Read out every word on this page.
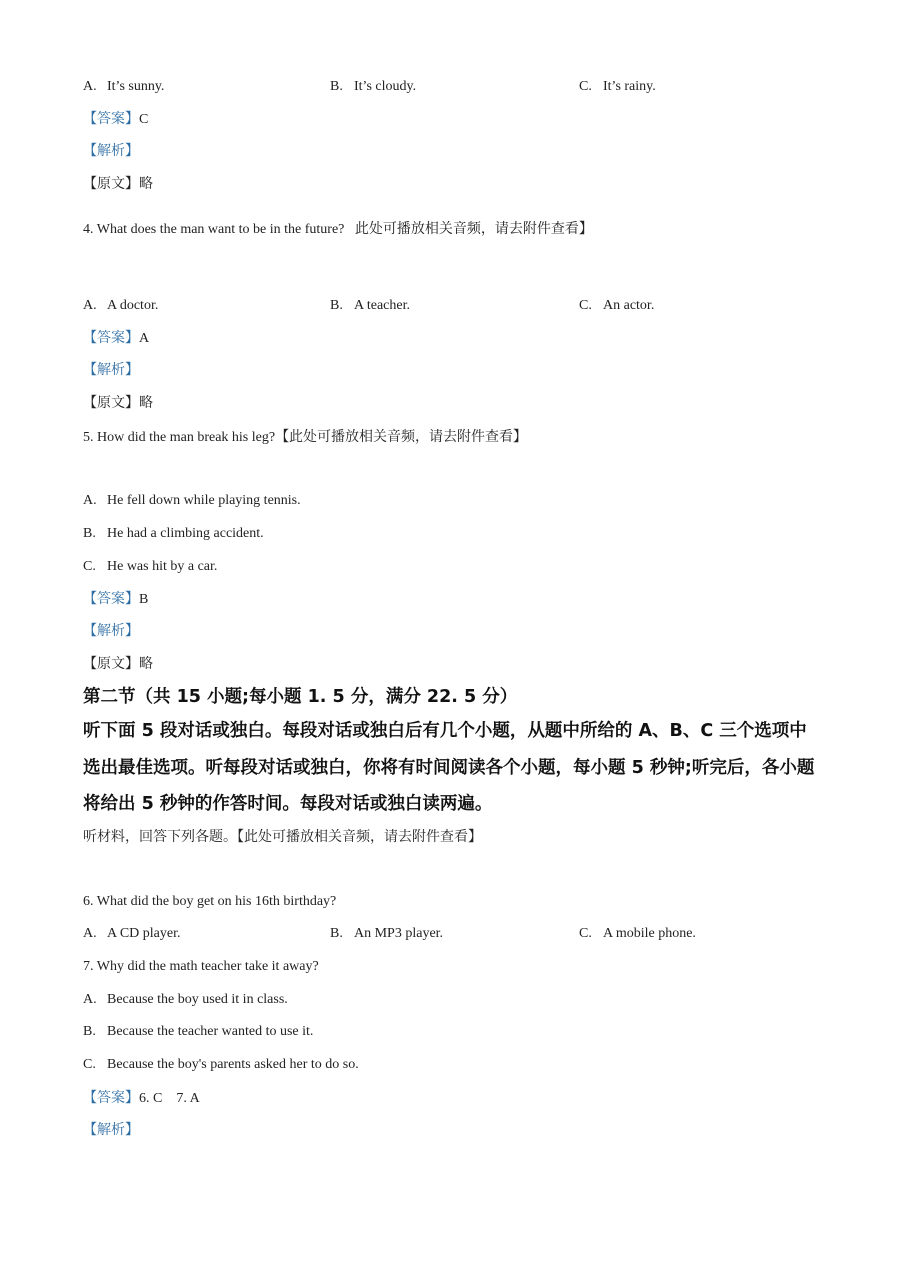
A. It’s sunny.	B. It’s cloudy.	C. It’s rainy.
【答案】C
【解析】
【原文】略
4. What does the man want to be in the future? 此处可播放相关音频，请去附件查看】
A. A doctor.	B. A teacher.	C. An actor.
【答案】A
【解析】
【原文】略
5. How did the man break his leg?【此处可播放相关音频，请去附件查看】
A. He fell down while playing tennis.
B. He had a climbing accident.
C. He was hit by a car.
【答案】B
【解析】
【原文】略
第二节（共 15 小题;每小题 1. 5 分，满分 22. 5 分）
听下面 5 段对话或独白。每段对话或独白后有几个小题，从题中所给的 A、B、C 三个选项中
选出最佳选项。听每段对话或独白，你将有时间阅读各个小题，每小题 5 秒钟;听完后，各小题
将给出 5 秒钟的作答时间。每段对话或独白读两遍。
听材料，回答下列各题。【此处可播放相关音频，请去附件查看】
6. What did the boy get on his 16th birthday?
A. A CD player.	B. An MP3 player.	C. A mobile phone.
7. Why did the math teacher take it away?
A. Because the boy used it in class.
B. Because the teacher wanted to use it.
C. Because the boy's parents asked her to do so.
【答案】6. C    7. A
【解析】
